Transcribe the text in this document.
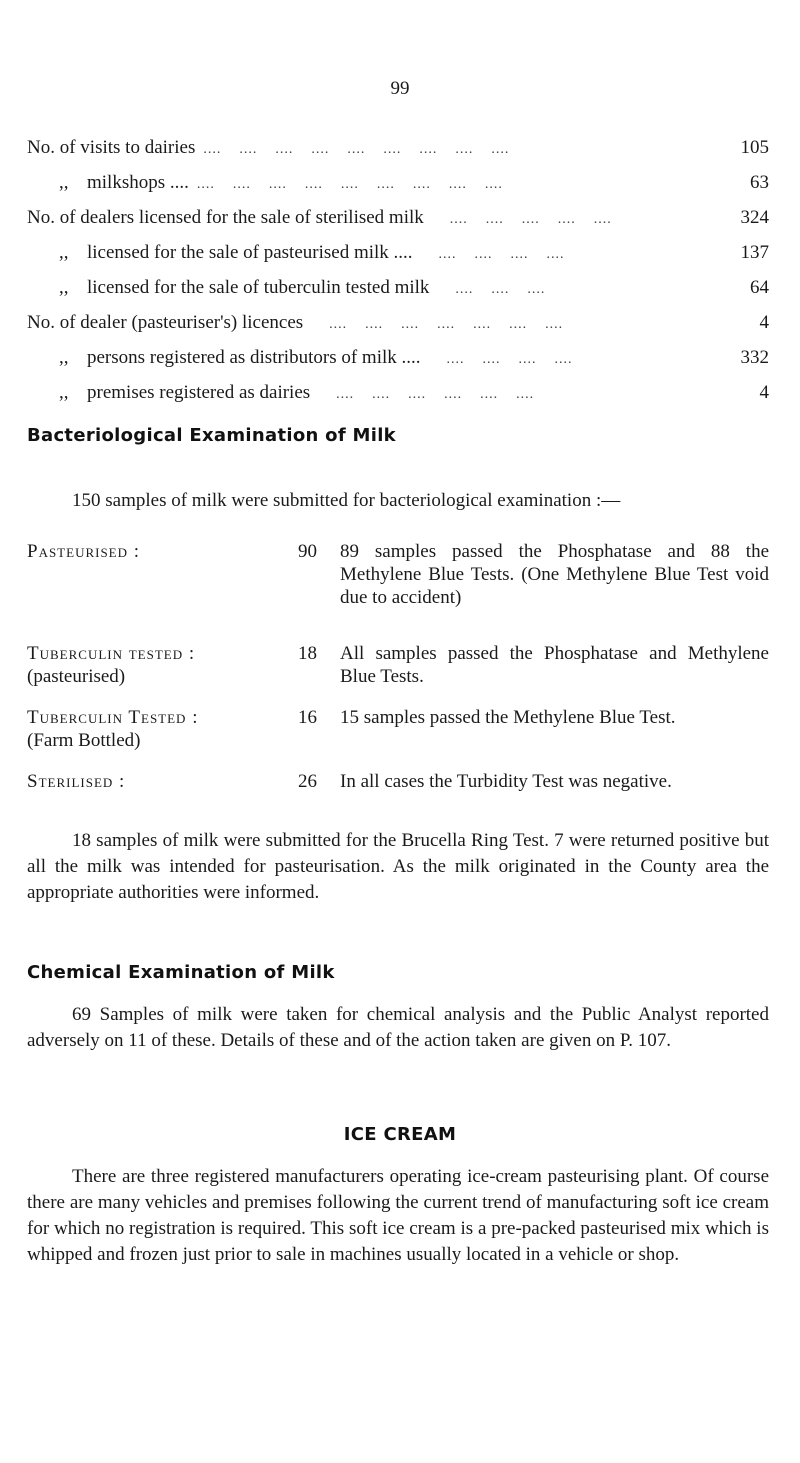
99
No. of visits to dairies ....    ....    ....    ....    ....    ....    ....    ....    ....	105
,, milkshops .... ....    ....    ....    ....    ....    ....    ....    ....    ....	63
No. of dealers licensed for the sale of sterilised milk ....    ....    ....    ....    ....	324
,, licensed for the sale of pasteurised milk .... ....    ....    ....    ....	137
,, licensed for the sale of tuberculin tested milk ....    ....    ....	64
No. of dealer (pasteuriser's) licences ....    ....    ....    ....    ....    ....    ....	4
,, persons registered as distributors of milk .... ....    ....    ....    ....	332
,, premises registered as dairies ....    ....    ....    ....    ....    ....	4
Bacteriological Examination of Milk
150 samples of milk were submitted for bacteriological examination :—
Pasteurised :	90 89 samples passed the Phosphatase and 88 the Methylene Blue Tests. (One Methylene Blue Test void due to accident)
Tuberculin tested :
(pasteurised)
18 All samples passed the Phosphatase and Methylene Blue Tests.
Tuberculin Tested :
(Farm Bottled)
16 15 samples passed the Methylene Blue Test.
Sterilised :	26 In all cases the Turbidity Test was negative.
18 samples of milk were submitted for the Brucella Ring Test. 7 were returned positive but all the milk was intended for pasteurisation. As the milk originated in the County area the appropriate authorities were informed.
Chemical Examination of Milk
69 Samples of milk were taken for chemical analysis and the Public Analyst reported adversely on 11 of these. Details of these and of the action taken are given on P. 107.
ICE CREAM
There are three registered manufacturers operating ice-cream pasteurising plant. Of course there are many vehicles and premises following the current trend of manufacturing soft ice cream for which no registration is required. This soft ice cream is a pre-packed pasteurised mix which is whipped and frozen just prior to sale in machines usually located in a vehicle or shop.
